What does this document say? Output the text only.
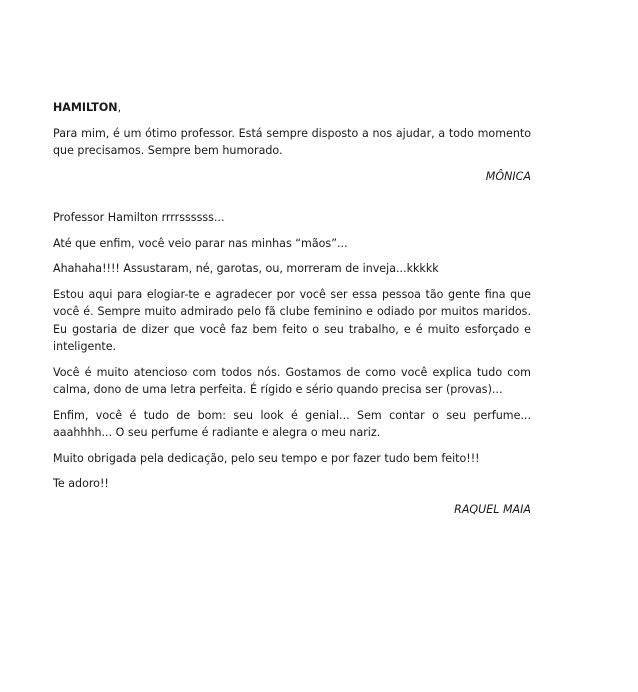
HAMILTON,

Para mim, é um ótimo professor. Está sempre disposto a nos ajudar, a todo momento que precisamos. Sempre bem humorado.

MÔNICA

Professor Hamilton rrrrssssss...

Até que enfim, você veio parar nas minhas “mãos”...

Ahahaha!!!! Assustaram, né, garotas, ou, morreram de inveja...kkkkk

Estou aqui para elogiar-te e agradecer por você ser essa pessoa tão gente fina que você é. Sempre muito admirado pelo fã clube feminino e odiado por muitos maridos. Eu gostaria de dizer que você faz bem feito o seu trabalho, e é muito esforçado e inteligente.

Você é muito atencioso com todos nós. Gostamos de como você explica tudo com calma, dono de uma letra perfeita. É rígido e sério quando precisa ser (provas)...

Enfim, você é tudo de bom: seu look é genial... Sem contar o seu perfume... aaahhhh... O seu perfume é radiante e alegra o meu nariz.

Muito obrigada pela dedicação, pelo seu tempo e por fazer tudo bem feito!!!

Te adoro!!

RAQUEL MAIA
